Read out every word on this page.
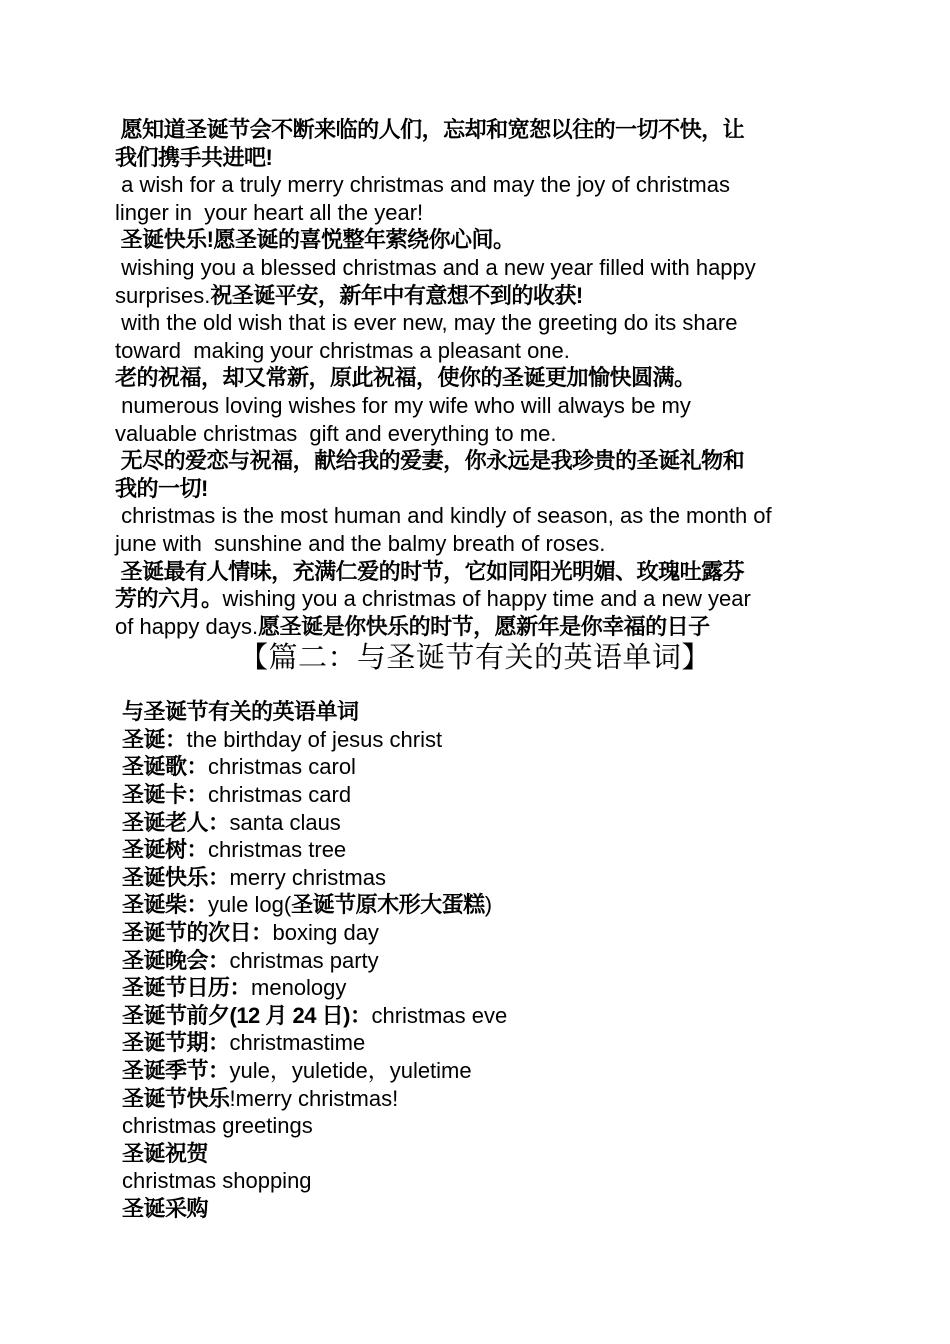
愿知道圣诞节会不断来临的人们，忘却和宽恕以往的一切不快，让

我们携手共进吧!

a wish for a truly merry christmas and may the joy of christmas

linger in  your heart all the year!

圣诞快乐!愿圣诞的喜悦整年萦绕你心间。

wishing you a blessed christmas and a new year filled with happy

surprises.祝圣诞平安，新年中有意想不到的收获!

with the old wish that is ever new, may the greeting do its share

toward  making your christmas a pleasant one.

老的祝福，却又常新，原此祝福，使你的圣诞更加愉快圆满。

numerous loving wishes for my wife who will always be my

valuable christmas  gift and everything to me.

无尽的爱恋与祝福，献给我的爱妻，你永远是我珍贵的圣诞礼物和

我的一切!

christmas is the most human and kindly of season, as the month of

june with  sunshine and the balmy breath of roses.

圣诞最有人情味，充满仁爱的时节，它如同阳光明媚、玫瑰吐露芬

芳的六月。wishing you a christmas of happy time and a new year

of happy days.愿圣诞是你快乐的时节，愿新年是你幸福的日子

【篇二：与圣诞节有关的英语单词】

与圣诞节有关的英语单词

圣诞：the birthday of jesus christ

圣诞歌：christmas carol

圣诞卡：christmas card

圣诞老人：santa claus

圣诞树：christmas tree

圣诞快乐：merry christmas

圣诞柴：yule log(圣诞节原木形大蛋糕)

圣诞节的次日：boxing day

圣诞晚会：christmas party

圣诞节日历：menology

圣诞节前夕(12 月 24 日)：christmas eve

圣诞节期：christmastime

圣诞季节：yule，yuletide，yuletime

圣诞节快乐!merry christmas!

christmas greetings

圣诞祝贺

christmas shopping

圣诞采购
